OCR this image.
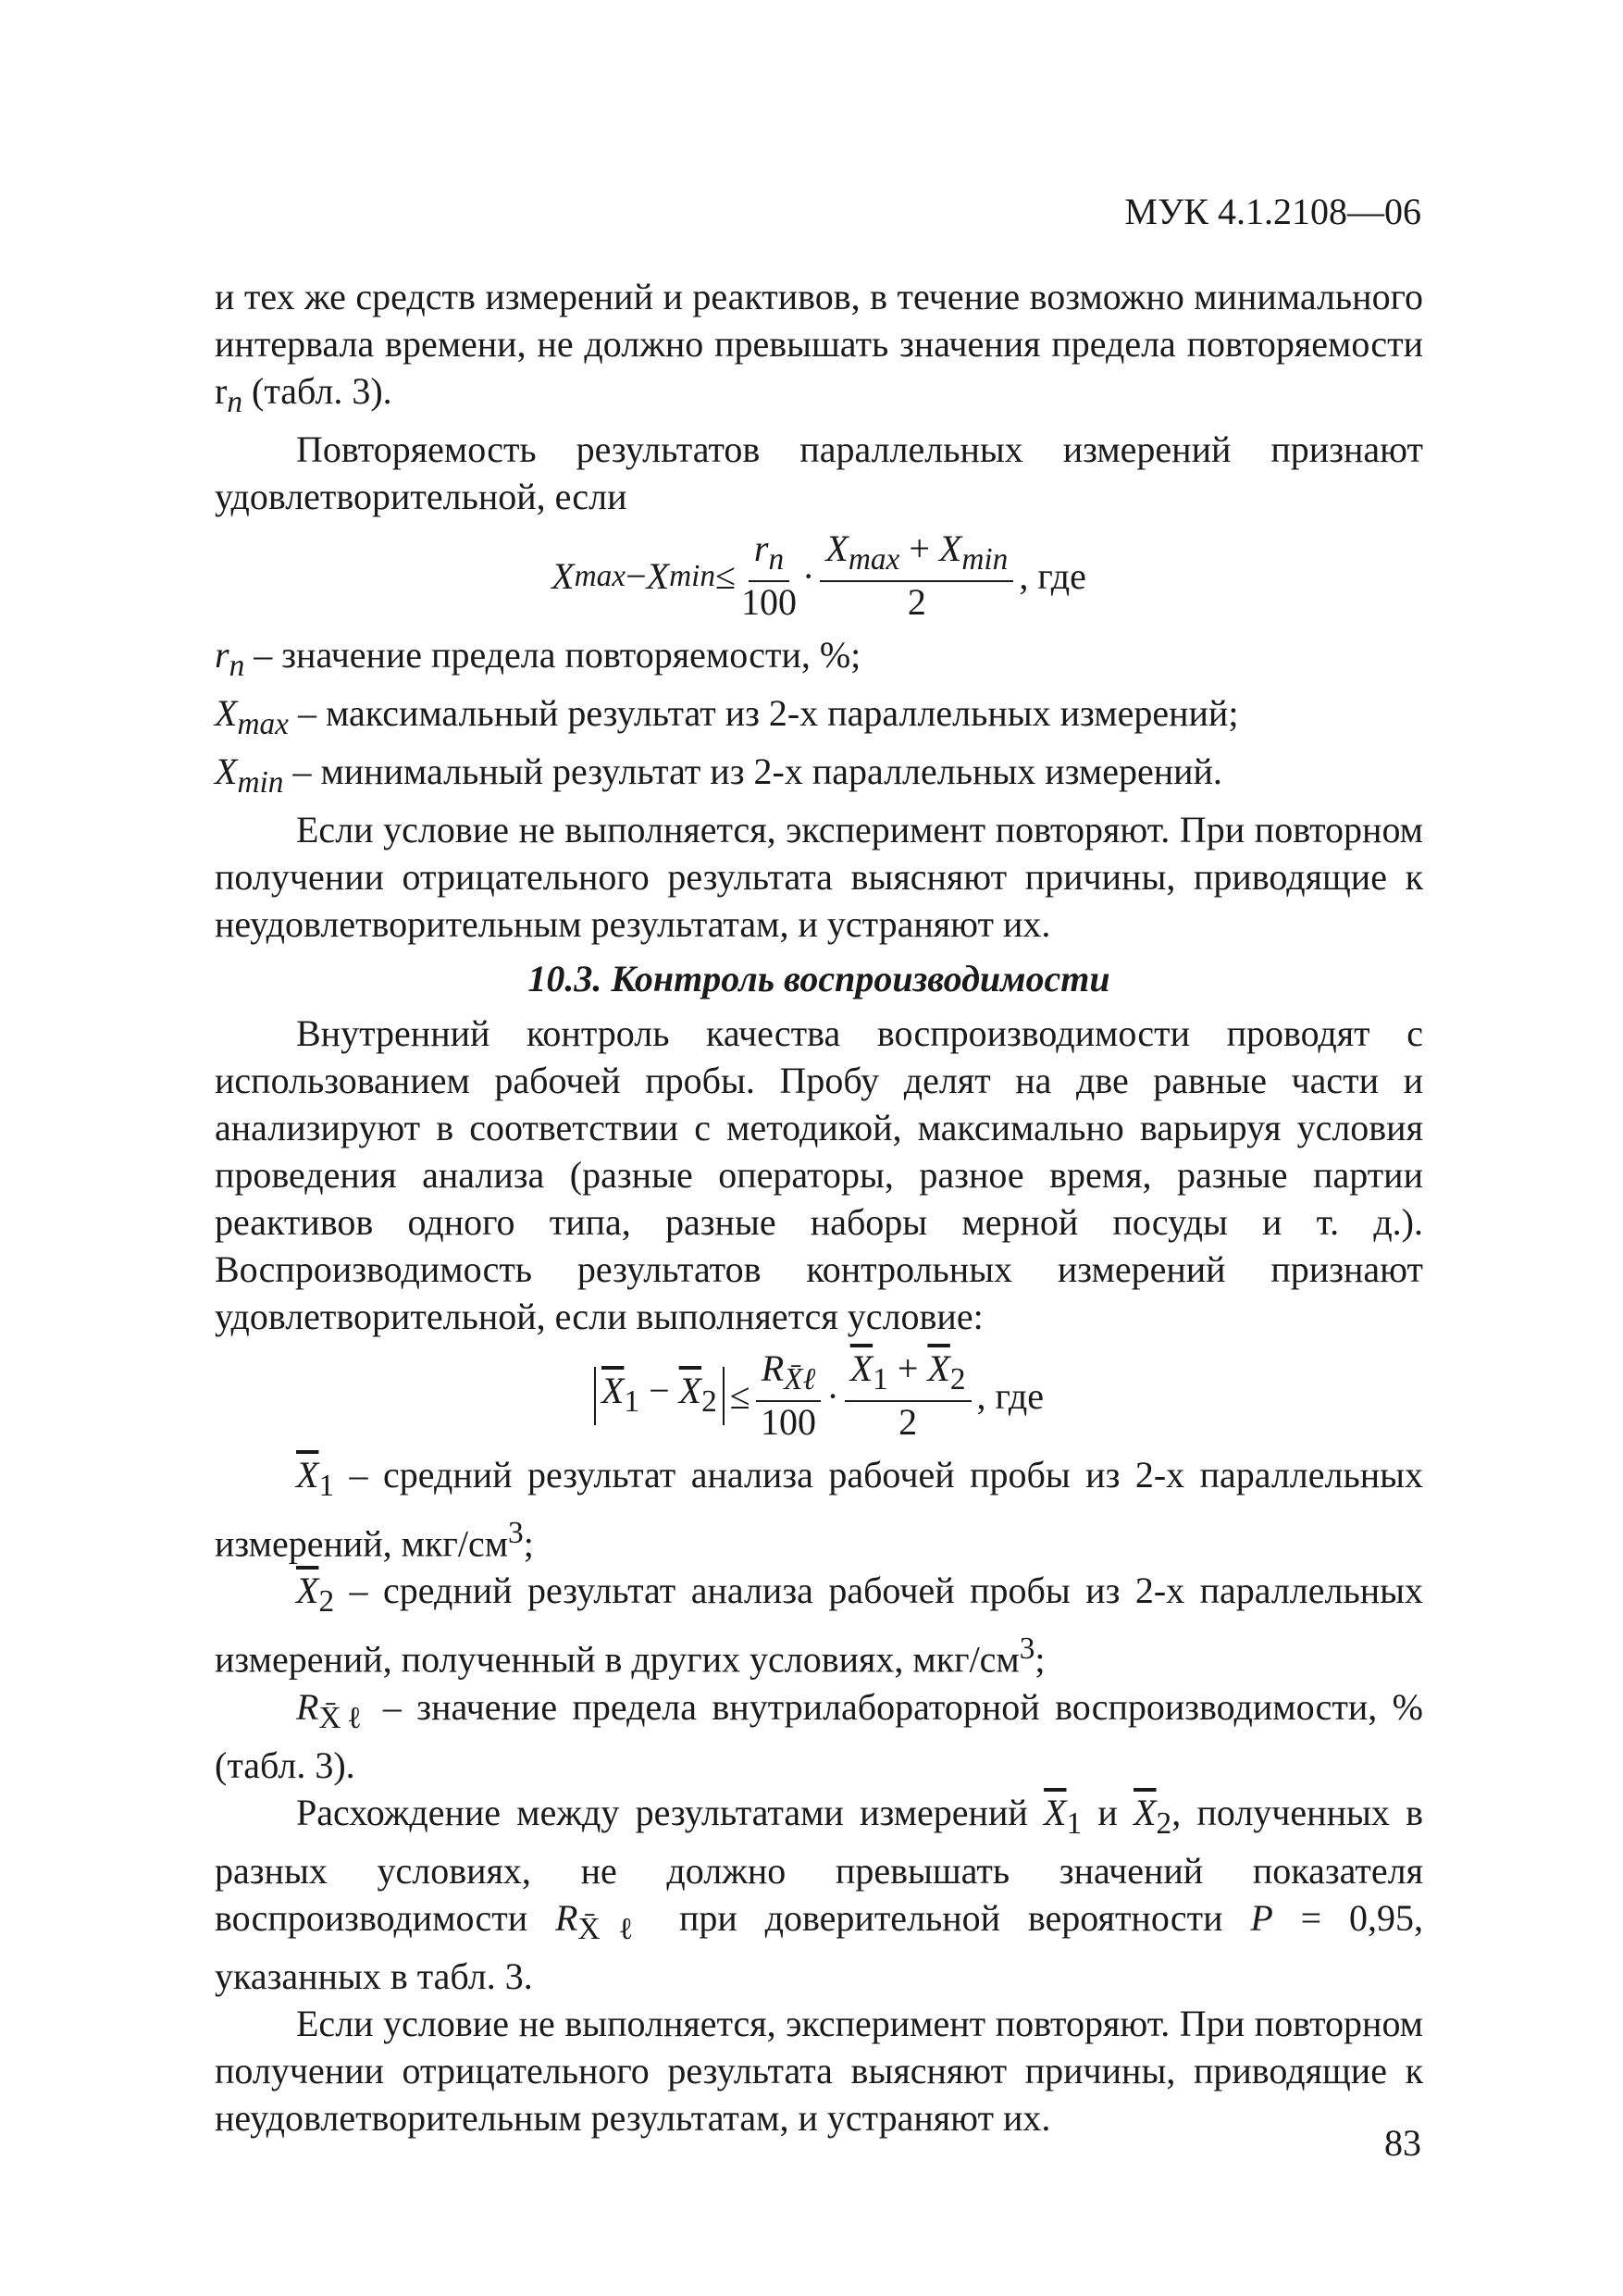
МУК 4.1.2108—06

и тех же средств измерений и реактивов, в течение возможно минимального интервала времени, не должно превышать значения предела повторяемости $r_n$ (табл. 3).

Повторяемость результатов параллельных измерений признают удовлетворительной, если

X max − X $\min \le \frac{r_n}{100} \cdot \frac{X_{max} + X_{min}}{2}$ , где

$r_n$ – значение предела повторяемости, %;

$X_{max}$ – максимальный результат из 2-х параллельных измерений;

$X_{min}$ – минимальный результат из 2-х параллельных измерений.

Если условие не выполняется, эксперимент повторяют. При повторном получении отрицательного результата выясняют причины, приводящие к неудовлетворительным результатам, и устраняют их.

10.3. Контроль воспроизводимости

Внутренний контроль качества воспроизводимости проводят с использованием рабочей пробы. Пробу делят на две равные части и анализируют в соответствии с методикой, максимально варьируя условия проведения анализа (разные операторы, разное время, разные партии реактивов одного типа, разные наборы мерной посуды и т. д.). Воспроизводимость результатов контрольных измерений признают удовлетворительной, если выполняется условие:

$\overline{X}_1 - \overline{X}_2 \le \frac{R_{X̄\ell}}{100} \cdot \frac{\overline{X}_1 + \overline{X}_2}{2}$ , где

$\overline{X}_1$ – средний результат анализа рабочей пробы из 2-х параллельных измерений, мкг/$см^3$;

$\overline{X}_2$ – средний результат анализа рабочей пробы из 2-х параллельных измерений, полученный в других условиях, мкг/$см^3$;

$R_{X̄\ell}$ – значение предела внутрилабораторной воспроизводимости, % (табл. 3).

Расхождение между результатами измерений $\overline{X}_1$ и $\overline{X}_2$, полученных в разных условиях, не должно превышать значений показателя воспроизводимости $R_{X̄\ell}$ при доверительной вероятности P = 0,95, указанных в табл. 3.

Если условие не выполняется, эксперимент повторяют. При повторном получении отрицательного результата выясняют причины, приводящие к неудовлетворительным результатам, и устраняют их.

83
